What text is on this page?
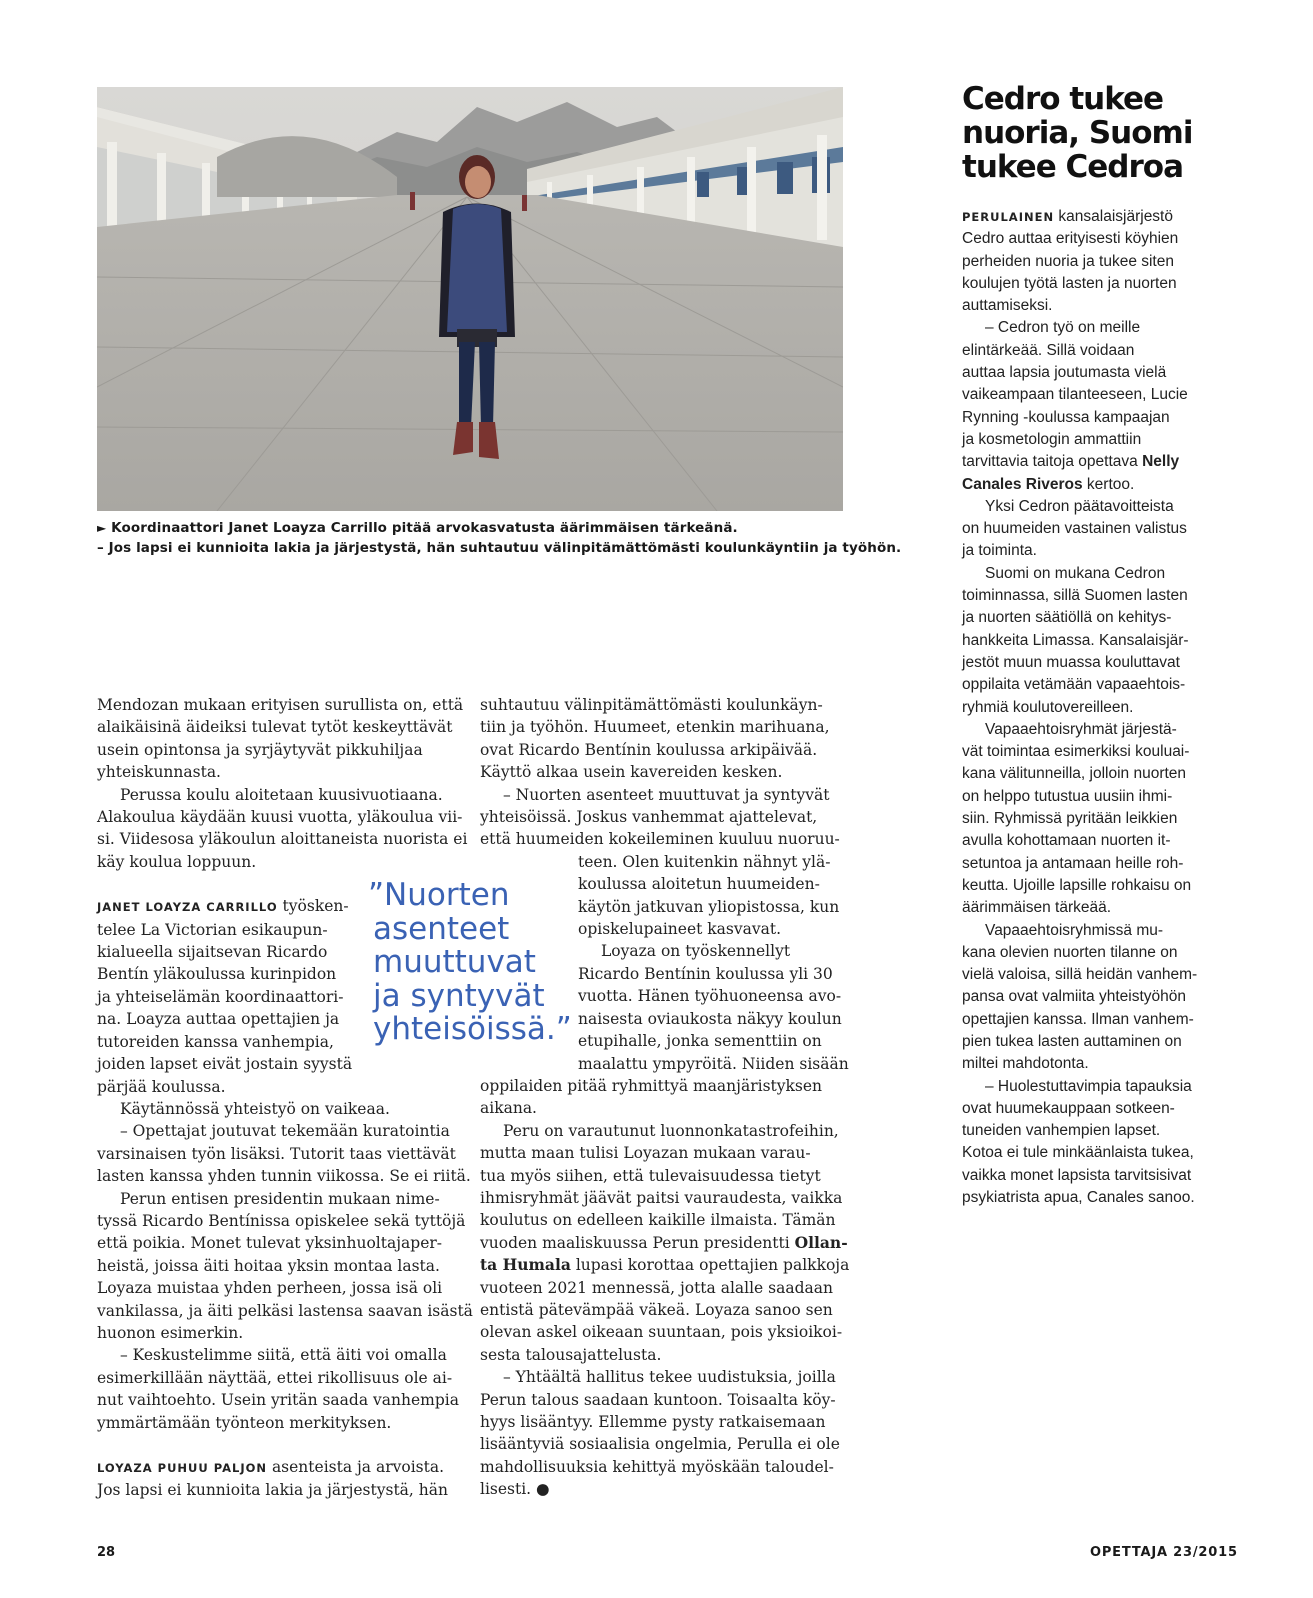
► Koordinaattori Janet Loayza Carrillo pitää arvokasvatusta äärimmäisen tärkeänä.
– Jos lapsi ei kunnioita lakia ja järjestystä, hän suhtautuu välinpitämättömästi koulunkäyntiin ja työhön.

Mendozan mukaan erityisen surullista on, että
alaikäisinä äideiksi tulevat tytöt keskeyttävät
usein opintonsa ja syrjäytyvät pikkuhiljaa
yhteiskunnasta.

Perussa koulu aloitetaan kuusivuotiaana.
Alakoulua käydään kuusi vuotta, yläkoulua vii-
si. Viidesosa yläkoulun aloittaneista nuorista ei
käy koulua loppuun.

JANET LOAYZA CARRILLO työsken-
telee La Victorian esikaupun-
kialueella sijaitsevan Ricardo
Bentín yläkoulussa kurinpidon
ja yhteiselämän koordinaattori-
na. Loayza auttaa opettajien ja
tutoreiden kanssa vanhempia,
joiden lapset eivät jostain syystä
pärjää koulussa.

Käytännössä yhteistyö on vaikeaa.

– Opettajat joutuvat tekemään kuratointia
varsinaisen työn lisäksi. Tutorit taas viettävät
lasten kanssa yhden tunnin viikossa. Se ei riitä.

Perun entisen presidentin mukaan nime-
tyssä Ricardo Bentínissa opiskelee sekä tyttöjä
että poikia. Monet tulevat yksinhuoltajaper-
heistä, joissa äiti hoitaa yksin montaa lasta.
Loyaza muistaa yhden perheen, jossa isä oli
vankilassa, ja äiti pelkäsi lastensa saavan isästä
huonon esimerkin.

– Keskustelimme siitä, että äiti voi omalla
esimerkillään näyttää, ettei rikollisuus ole ai-
nut vaihtoehto. Usein yritän saada vanhempia
ymmärtämään työnteon merkityksen.

LOYAZA PUHUU PALJON asenteista ja arvoista.
Jos lapsi ei kunnioita lakia ja järjestystä, hän

”Nuorten
asenteet
muuttuvat
ja syntyvät
yhteisöissä.”

suhtautuu välinpitämättömästi koulunkäyn-
tiin ja työhön. Huumeet, etenkin marihuana,
ovat Ricardo Bentínin koulussa arkipäivää.
Käyttö alkaa usein kavereiden kesken.

– Nuorten asenteet muuttuvat ja syntyvät
yhteisöissä. Joskus vanhemmat ajattelevat,
että huumeiden kokeileminen kuuluu nuoruu-
teen. Olen kuitenkin nähnyt ylä-
koulussa aloitetun huumeiden-
käytön jatkuvan yliopistossa, kun
opiskelupaineet kasvavat.

Loyaza on työskennellyt
Ricardo Bentínin koulussa yli 30
vuotta. Hänen työhuoneensa avo-
naisesta oviaukosta näkyy koulun
etupihalle, jonka sementtiin on
maalattu ympyröitä. Niiden sisään
oppilaiden pitää ryhmittyä maanjäristyksen
aikana.

Peru on varautunut luonnonkatastrofeihin,
mutta maan tulisi Loyazan mukaan varau-
tua myös siihen, että tulevaisuudessa tietyt
ihmisryhmät jäävät paitsi vauraudesta, vaikka
koulutus on edelleen kaikille ilmaista. Tämän
vuoden maaliskuussa Perun presidentti Ollan-
ta Humala lupasi korottaa opettajien palkkoja
vuoteen 2021 mennessä, jotta alalle saadaan
entistä pätevämpää väkeä. Loyaza sanoo sen
olevan askel oikeaan suuntaan, pois yksioikoi-
sesta talousajattelusta.

– Yhtäältä hallitus tekee uudistuksia, joilla
Perun talous saadaan kuntoon. Toisaalta köy-
hyys lisääntyy. Ellemme pysty ratkaisemaan
lisääntyviä sosiaalisia ongelmia, Perulla ei ole
mahdollisuuksia kehittyä myöskään taloudel-
lisesti. ●

Cedro tukee
nuoria, Suomi
tukee Cedroa

PERULAINEN kansalaisjärjestö
Cedro auttaa erityisesti köyhien
perheiden nuoria ja tukee siten
koulujen työtä lasten ja nuorten
auttamiseksi.

– Cedron työ on meille
elintärkeää. Sillä voidaan
auttaa lapsia joutumasta vielä
vaikeampaan tilanteeseen, Lucie
Rynning -koulussa kampaajan
ja kosmetologin ammattiin
tarvittavia taitoja opettava Nelly
Canales Riveros kertoo.

Yksi Cedron päätavoitteista
on huumeiden vastainen valistus
ja toiminta.

Suomi on mukana Cedron
toiminnassa, sillä Suomen lasten
ja nuorten säätiöllä on kehitys-
hankkeita Limassa. Kansalaisjär-
jestöt muun muassa kouluttavat
oppilaita vetämään vapaaehtois-
ryhmiä koulutovereilleen.

Vapaaehtoisryhmät järjestä-
vät toimintaa esimerkiksi kouluai-
kana välitunneilla, jolloin nuorten
on helppo tutustua uusiin ihmi-
siin. Ryhmissä pyritään leikkien
avulla kohottamaan nuorten it-
setuntoa ja antamaan heille roh-
keutta. Ujoille lapsille rohkaisu on
äärimmäisen tärkeää.

Vapaaehtoisryhmissä mu-
kana olevien nuorten tilanne on
vielä valoisa, sillä heidän vanhem-
pansa ovat valmiita yhteistyöhön
opettajien kanssa. Ilman vanhem-
pien tukea lasten auttaminen on
miltei mahdotonta.

– Huolestuttavimpia tapauksia
ovat huumekauppaan sotkeen-
tuneiden vanhempien lapset.
Kotoa ei tule minkäänlaista tukea,
vaikka monet lapsista tarvitsisivat
psykiatrista apua, Canales sanoo.

28	OPETTAJA 23/2015
